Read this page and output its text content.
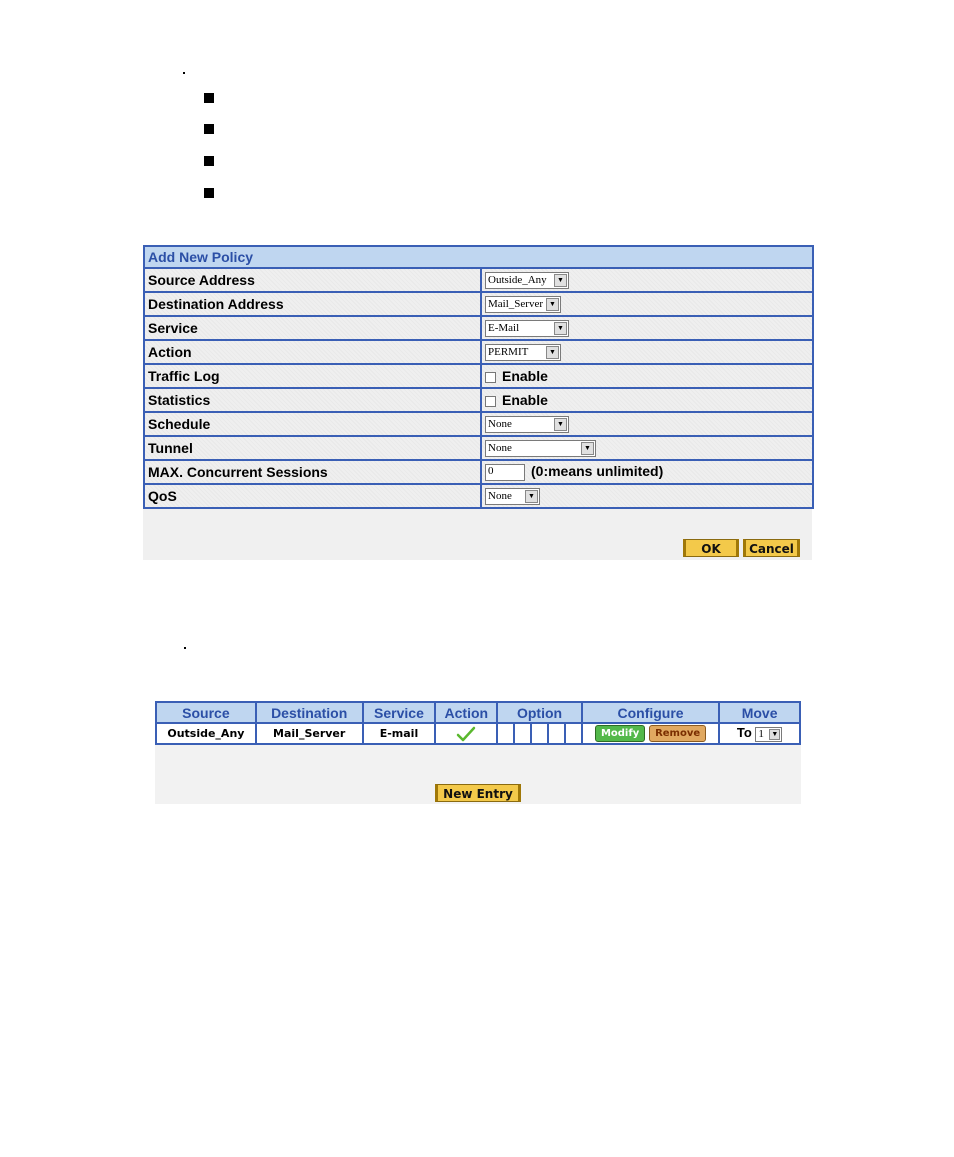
Add New Policy	
Source Address	Outside_Any ▼

Destination Address	Mail_Server ▼

Service	E-Mail ▼

Action	PERMIT ▼

Traffic Log	Enable
Statistics	Enable
Schedule	None ▼

Tunnel	None ▼

MAX. Concurrent Sessions	0 (0:means unlimited)
QoS	None ▼
OK	Cancel
Source	Destination	Service	Action	Option					Configure	Move
Outside_Any	Mail_Server	E-mail							Modify Remove	To 1 ▼
New Entry
